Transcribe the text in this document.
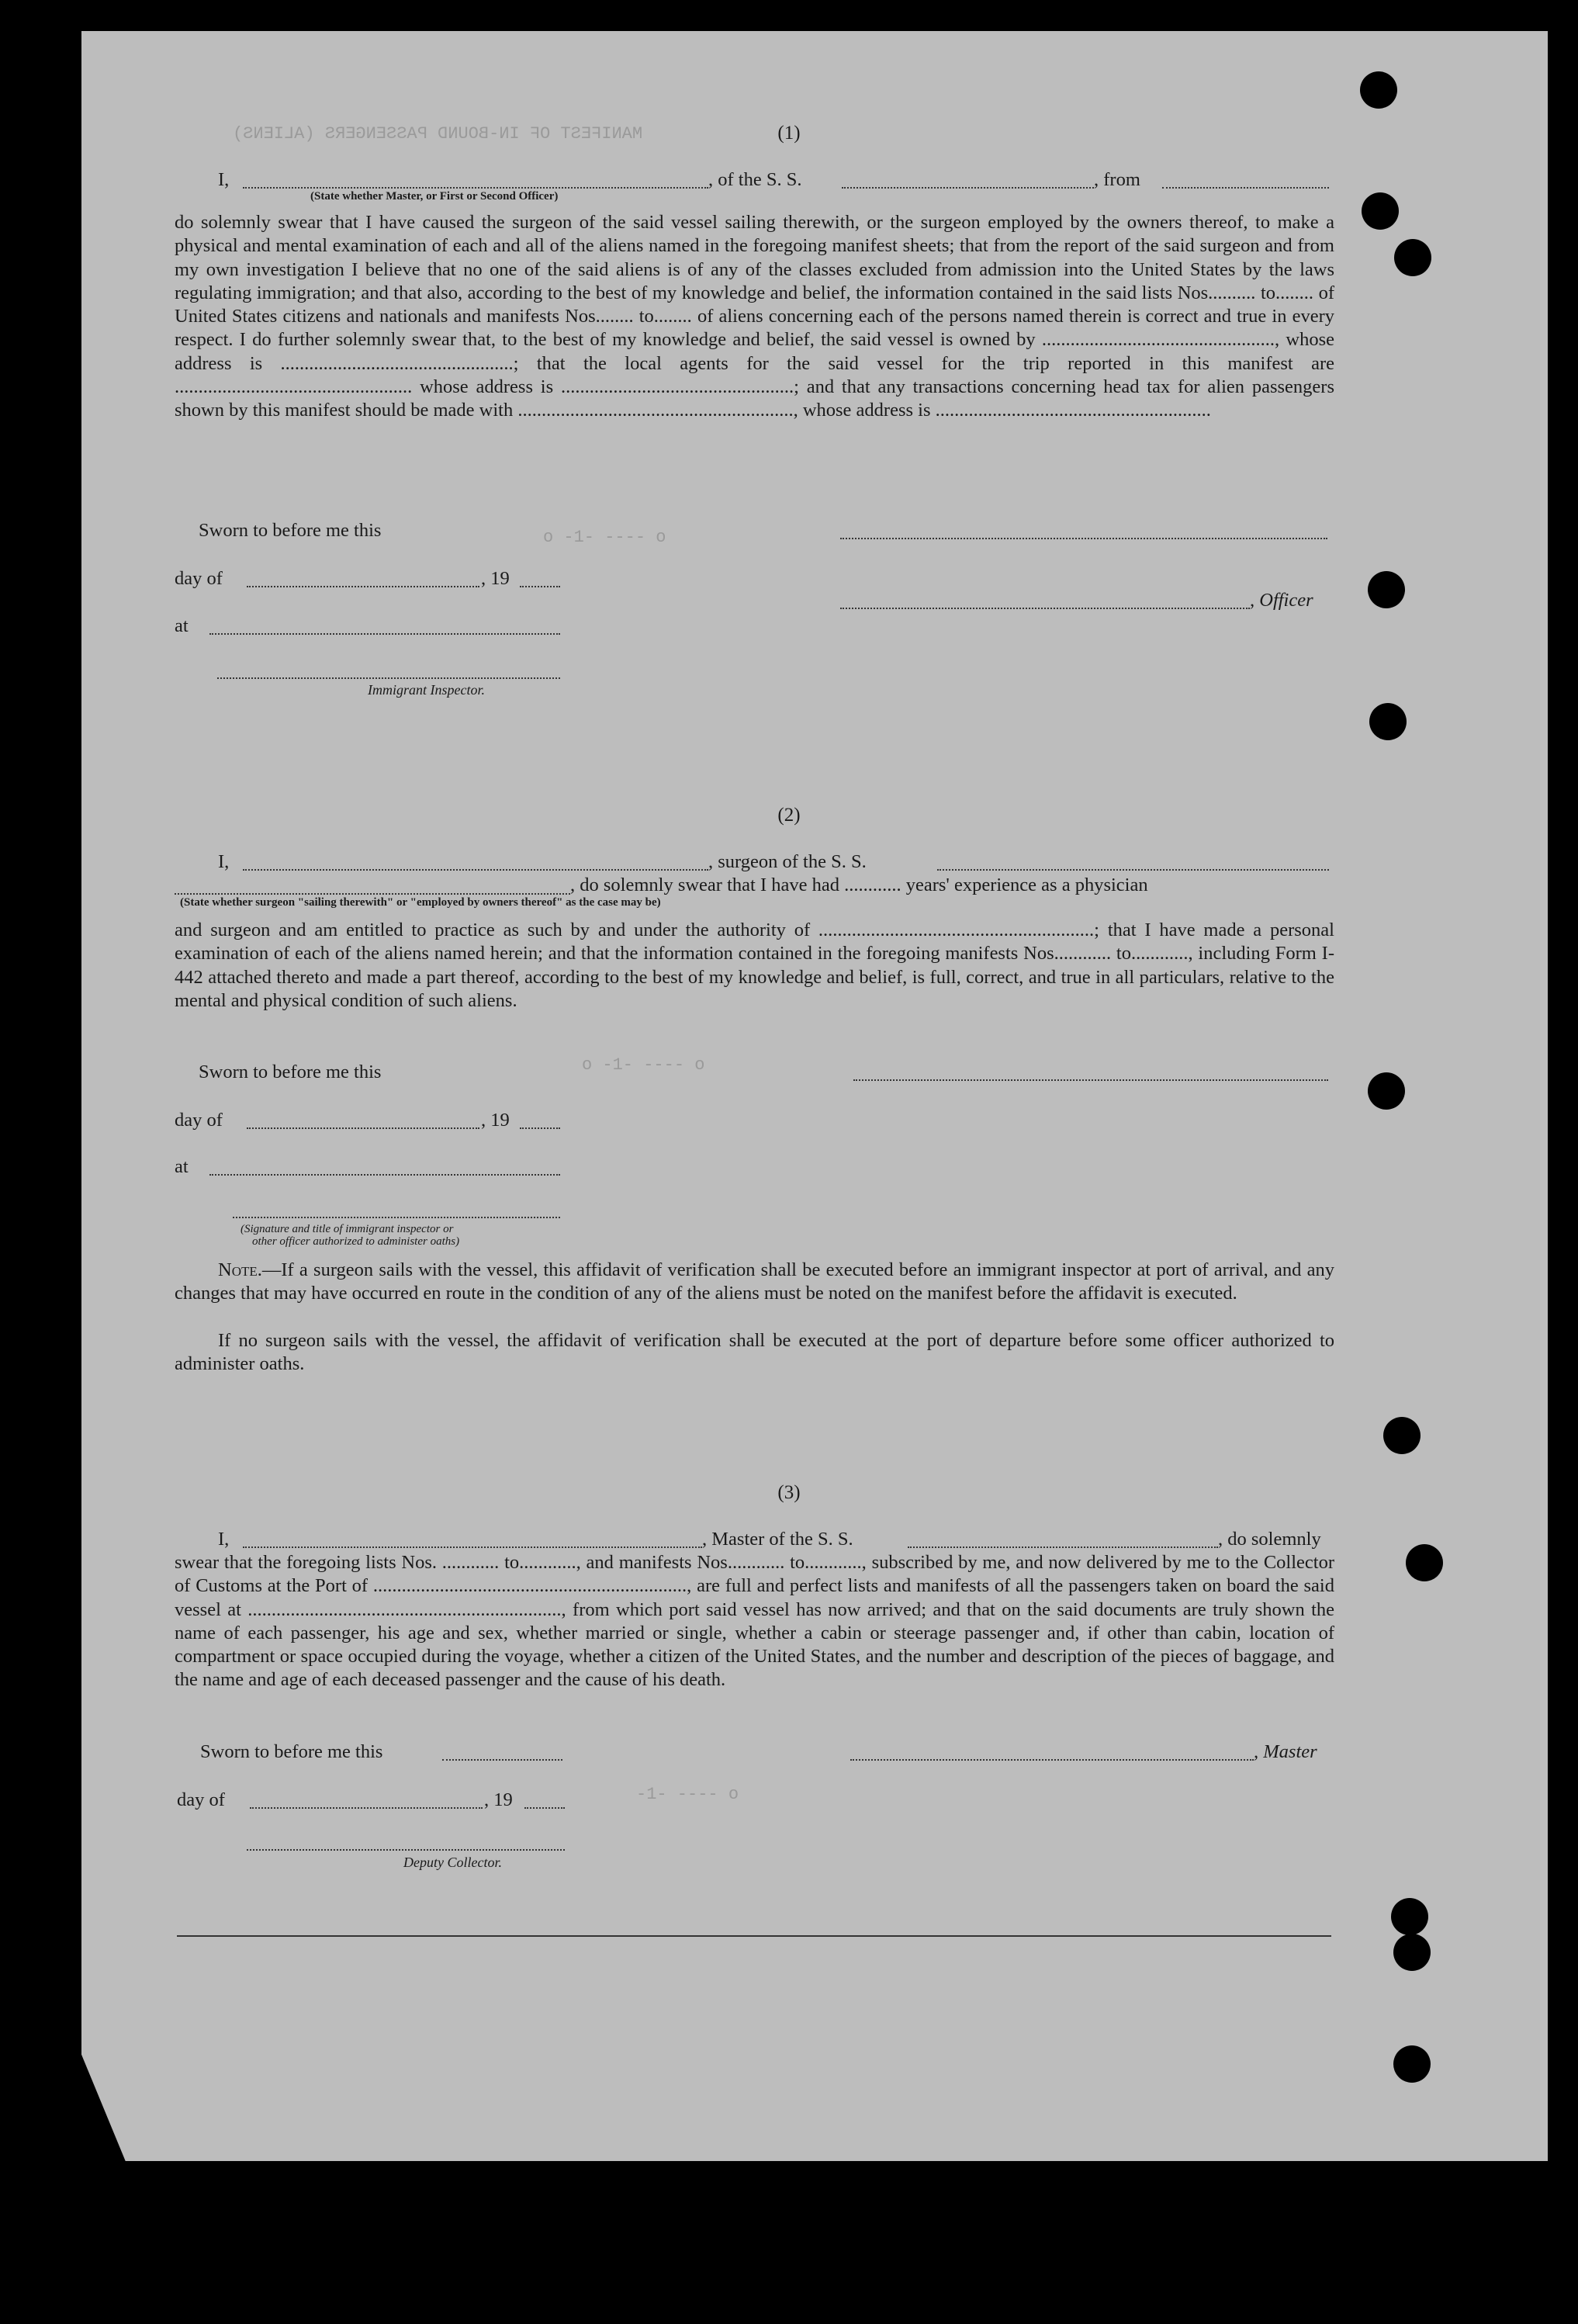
MANIFEST OF IN-BOUND PASSENGERS (ALIENS)
o -1- ---- o
o -1- ---- o
-1- ---- o
(1)
I,
(State whether Master, or First or Second Officer)
, of the S. S.	, from

do solemnly swear that I have caused the surgeon of the said vessel sailing therewith, or the surgeon employed by the owners thereof, to make a physical and mental examination of each and all of the aliens named in the foregoing manifest sheets; that from the report of the said surgeon and from my own investigation I believe that no one of the said aliens is of any of the classes excluded from admission into the United States by the laws regulating immigration; and that also, according to the best of my knowledge and belief, the information contained in the said lists Nos.......... to........ of United States citizens and nationals and manifests Nos........ to........ of aliens concerning each of the persons named therein is correct and true in every respect. I do further solemnly swear that, to the best of my knowledge and belief, the said vessel is owned by ................................................., whose address is .................................................; that the local agents for the said vessel for the trip reported in this manifest are .................................................. whose address is .................................................; and that any transactions concerning head tax for alien passengers shown by this manifest should be made with .........................................................., whose address is ..........................................................

Sworn to before me this
day of	, 19
, Officer
at
Immigrant Inspector.
(2)
I,	, surgeon of the S. S.
, do solemnly swear that I have had ............ years' experience as a physician
(State whether surgeon "sailing therewith" or "employed by owners thereof" as the case may be)

and surgeon and am entitled to practice as such by and under the authority of ..........................................................; that I have made a personal examination of each of the aliens named herein; and that the information contained in the foregoing manifests Nos............ to............, including Form I-442 attached thereto and made a part thereof, according to the best of my knowledge and belief, is full, correct, and true in all particulars, relative to the mental and physical condition of such aliens.

Sworn to before me this
day of	, 19
at
(Signature and title of immigrant inspector or
other officer authorized to administer oaths)

Note.—If a surgeon sails with the vessel, this affidavit of verification shall be executed before an immigrant inspector at port of arrival, and any changes that may have occurred en route in the condition of any of the aliens must be noted on the manifest before the affidavit is executed.

If no surgeon sails with the vessel, the affidavit of verification shall be executed at the port of departure before some officer authorized to administer oaths.

(3)
I,	, Master of the S. S.	, do solemnly

swear that the foregoing lists Nos. ............ to............, and manifests Nos............ to............, subscribed by me, and now delivered by me to the Collector of Customs at the Port of .................................................................., are full and perfect lists and manifests of all the passengers taken on board the said vessel at .................................................................., from which port said vessel has now arrived; and that on the said documents are truly shown the name of each passenger, his age and sex, whether married or single, whether a cabin or steerage passenger and, if other than cabin, location of compartment or space occupied during the voyage, whether a citizen of the United States, and the number and description of the pieces of baggage, and the name and age of each deceased passenger and the cause of his death.

Sworn to before me this	, Master
day of	, 19
Deputy Collector.
